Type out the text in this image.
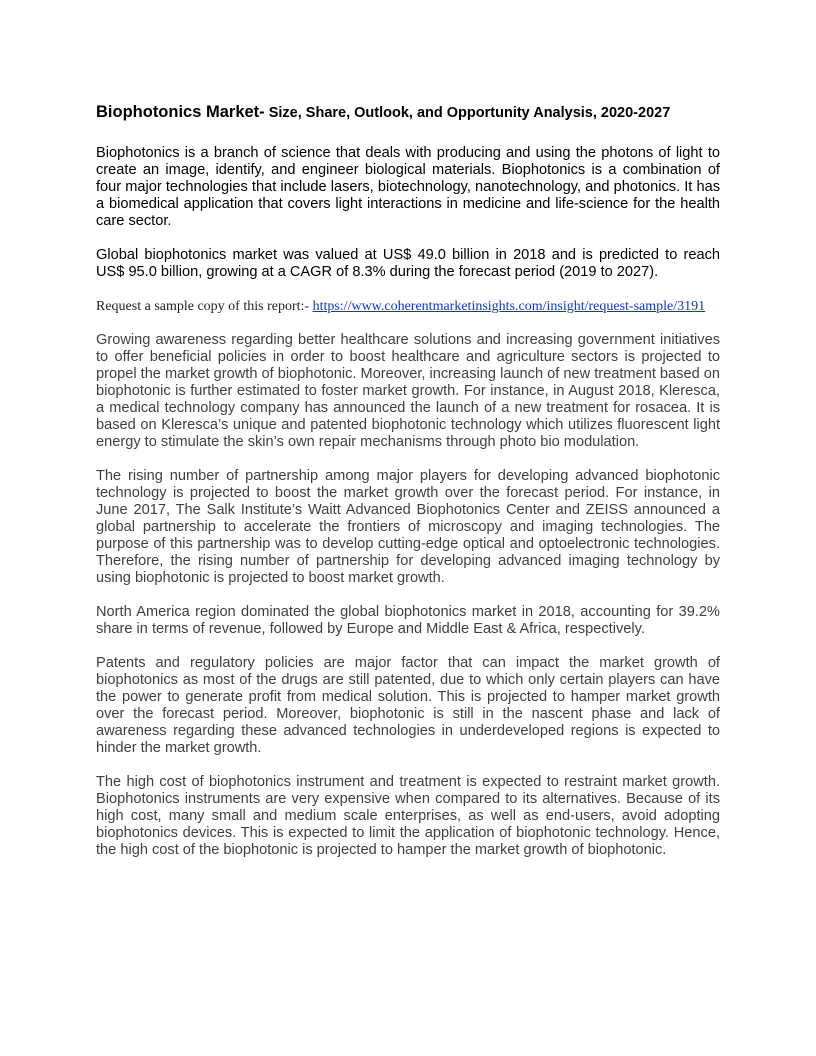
Biophotonics Market- Size, Share, Outlook, and Opportunity Analysis, 2020-2027

Biophotonics is a branch of science that deals with producing and using the photons of light to create an image, identify, and engineer biological materials. Biophotonics is a combination of four major technologies that include lasers, biotechnology, nanotechnology, and photonics. It has a biomedical application that covers light interactions in medicine and life-science for the health care sector.

Global biophotonics market was valued at US$ 49.0 billion in 2018 and is predicted to reach US$ 95.0 billion, growing at a CAGR of 8.3% during the forecast period (2019 to 2027).

Request a sample copy of this report:- https://www.coherentmarketinsights.com/insight/request-sample/3191

Growing awareness regarding better healthcare solutions and increasing government initiatives to offer beneficial policies in order to boost healthcare and agriculture sectors is projected to propel the market growth of biophotonic. Moreover, increasing launch of new treatment based on biophotonic is further estimated to foster market growth. For instance, in August 2018, Kleresca, a medical technology company has announced the launch of a new treatment for rosacea. It is based on Kleresca’s unique and patented biophotonic technology which utilizes fluorescent light energy to stimulate the skin’s own repair mechanisms through photo bio modulation.

The rising number of partnership among major players for developing advanced biophotonic technology is projected to boost the market growth over the forecast period. For instance, in June 2017, The Salk Institute’s Waitt Advanced Biophotonics Center and ZEISS announced a global partnership to accelerate the frontiers of microscopy and imaging technologies. The purpose of this partnership was to develop cutting-edge optical and optoelectronic technologies. Therefore, the rising number of partnership for developing advanced imaging technology by using biophotonic is projected to boost market growth.

North America region dominated the global biophotonics market in 2018, accounting for 39.2% share in terms of revenue, followed by Europe and Middle East & Africa, respectively.

Patents and regulatory policies are major factor that can impact the market growth of biophotonics as most of the drugs are still patented, due to which only certain players can have the power to generate profit from medical solution. This is projected to hamper market growth over the forecast period. Moreover, biophotonic is still in the nascent phase and lack of awareness regarding these advanced technologies in underdeveloped regions is expected to hinder the market growth.

The high cost of biophotonics instrument and treatment is expected to restraint market growth. Biophotonics instruments are very expensive when compared to its alternatives. Because of its high cost, many small and medium scale enterprises, as well as end-users, avoid adopting biophotonics devices. This is expected to limit the application of biophotonic technology. Hence, the high cost of the biophotonic is projected to hamper the market growth of biophotonic.
